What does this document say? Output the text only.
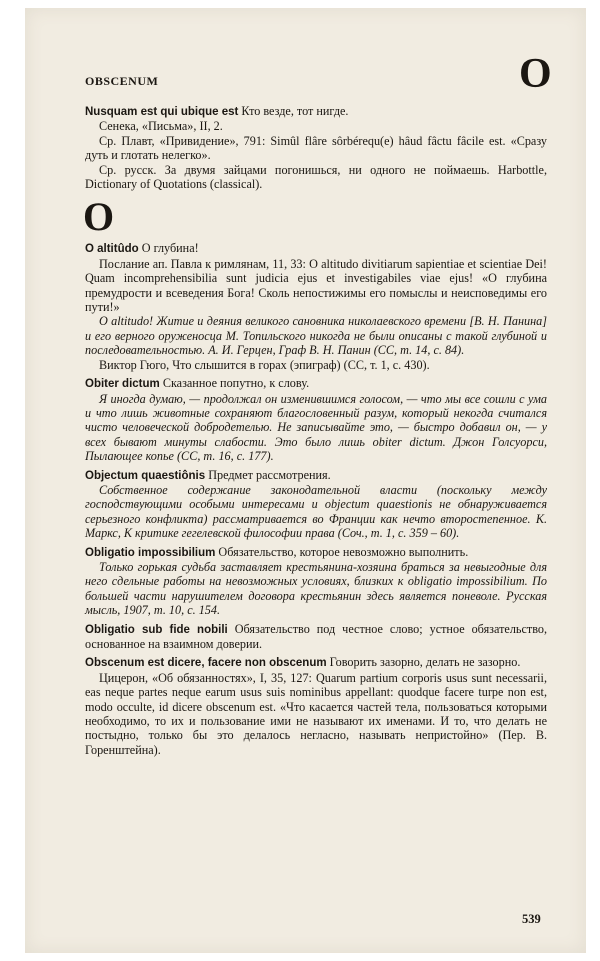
OBSCENUM	O

Nusquam est qui ubique est Кто везде, тот нигде.

Сенека, «Письма», II, 2.

Ср. Плавт, «Привидение», 791: Simûl flâre sôrbérequ(e) hâud fâctu fâcile est. «Сразу дуть и глотать нелегко».

Ср. русск. За двумя зайцами погонишься, ни одного не поймаешь. Harbottle, Dictionary of Quotations (classical).

O

O altitûdo О глубина!

Послание ап. Павла к римлянам, 11, 33: O altitudo divitiarum sapientiae et scientiae Dei! Quam incomprehensibilia sunt judicia ejus et investigabiles viae ejus! «О глубина премудрости и всеведения Бога! Сколь непостижимы его помыслы и неисповедимы его пути!»

O altitudo! Житие и деяния великого сановника николаевского времени [В. Н. Панина] и его верного оруженосца М. Топильского никогда не были описаны с такой глубиной и последовательностью. А. И. Герцен, Граф В. Н. Панин (СС, т. 14, с. 84).

Виктор Гюго, Что слышится в горах (эпиграф) (СС, т. 1, с. 430).

Obiter dictum Сказанное попутно, к слову.

Я иногда думаю, — продолжал он изменившимся голосом, — что мы все сошли с ума и что лишь животные сохраняют благословенный разум, который некогда считался чисто человеческой добродетелью. Не записывайте это, — быстро добавил он, — у всех бывают минуты слабости. Это было лишь obiter dictum. Джон Голсуорси, Пылающее копье (СС, т. 16, с. 177).

Objectum quaestiônis Предмет рассмотрения.

Собственное содержание законодательной власти (поскольку между господствующими особыми интересами и objectum quaestionis не обнаруживается серьезного конфликта) рассматривается во Франции как нечто второстепенное. К. Маркс, К критике гегелевской философии права (Соч., т. 1, с. 359 – 60).

Obligatio impossibilium Обязательство, которое невозможно выполнить.

Только горькая судьба заставляет крестьянина-хозяина браться за невыгодные для него сдельные работы на невозможных условиях, близких к obligatio impossibilium. По большей части нарушителем договора крестьянин здесь является поневоле. Русская мысль, 1907, т. 10, с. 154.

Obligatio sub fide nobili Обязательство под честное слово; устное обязательство, основанное на взаимном доверии.

Obscenum est dicere, facere non obscenum Говорить зазорно, делать не зазорно.

Цицерон, «Об обязанностях», I, 35, 127: Quarum partium corporis usus sunt necessarii, eas neque partes neque earum usus suis nominibus appellant: quodque facere turpe non est, modo occulte, id dicere obscenum est. «Что касается частей тела, пользоваться которыми необходимо, то их и пользование ими не называют их именами. И то, что делать не постыдно, только бы это делалось негласно, называть непристойно» (Пер. В. Горенштейна).

539
